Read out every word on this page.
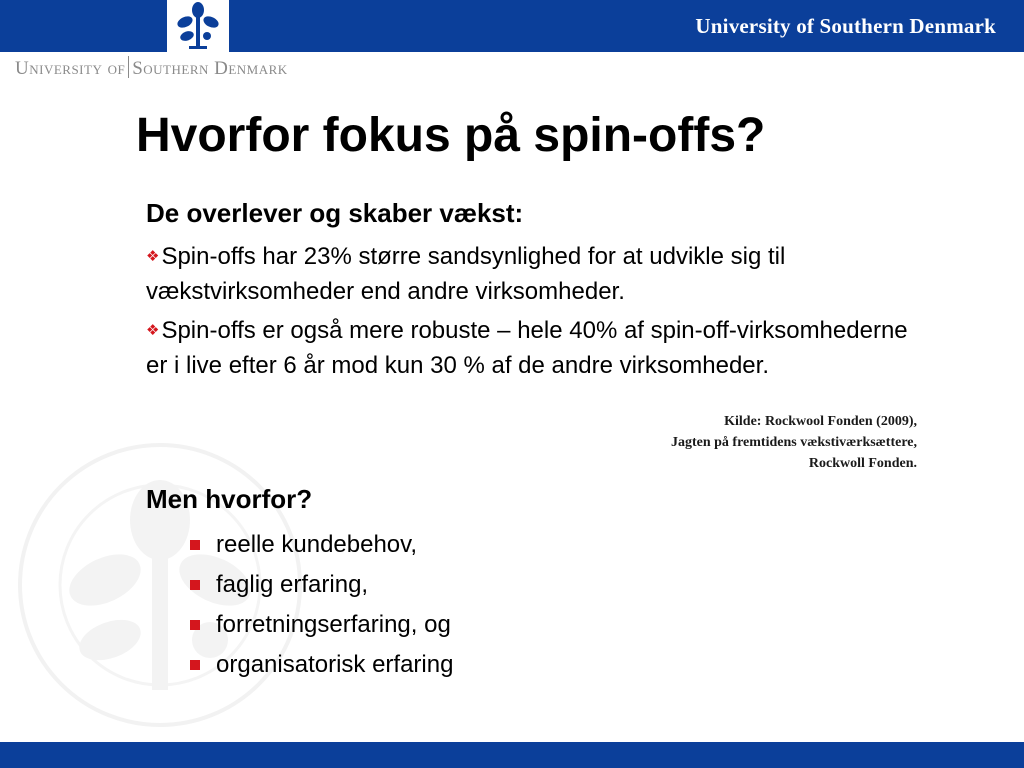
University of Southern Denmark
University of Southern Denmark
Hvorfor fokus på spin-offs?
De overlever og skaber vækst:

❖Spin-offs har 23% større sandsynlighed for at udvikle sig til vækstvirksomheder end andre virksomheder.

❖Spin-offs er også mere robuste – hele 40% af spin-off-virksomhederne er i live efter 6 år mod kun 30 % af de andre virksomheder.

Kilde: Rockwool Fonden (2009),
Jagten på fremtidens vækstiværksættere,
Rockwoll Fonden.
Men hvorfor?
reelle kundebehov,
faglig erfaring,
forretningserfaring, og
organisatorisk erfaring
